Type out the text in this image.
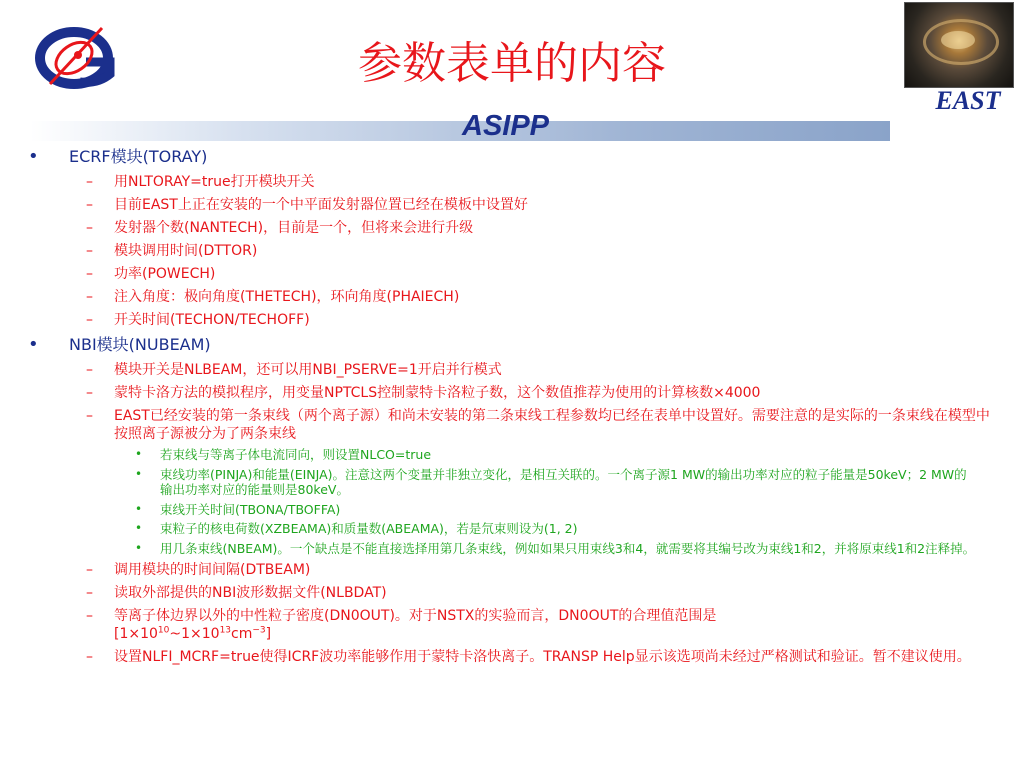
参数表单的内容
EAST
ASIPP
• ECRF模块(TORAY)
– 用NLTORAY=true打开模块开关
– 目前EAST上正在安装的一个中平面发射器位置已经在模板中设置好
– 发射器个数(NANTECH)，目前是一个，但将来会进行升级
– 模块调用时间(DTTOR)
– 功率(POWECH)
– 注入角度：极向角度(THETECH)，环向角度(PHAIECH)
– 开关时间(TECHON/TECHOFF)
• NBI模块(NUBEAM)
– 模块开关是NLBEAM，还可以用NBI_PSERVE=1开启并行模式
– 蒙特卡洛方法的模拟程序，用变量NPTCLS控制蒙特卡洛粒子数，这个数值推荐为使用的计算核数×4000
– EAST已经安装的第一条束线（两个离子源）和尚未安装的第二条束线工程参数均已经在表单中设置好。需要注意的是实际的一条束线在模型中按照离子源被分为了两条束线
• 若束线与等离子体电流同向，则设置NLCO=true
• 束线功率(PINJA)和能量(EINJA)。注意这两个变量并非独立变化，是相互关联的。一个离子源1 MW的输出功率对应的粒子能量是50keV；2 MW的输出功率对应的能量则是80keV。
• 束线开关时间(TBONA/TBOFFA)
• 束粒子的核电荷数(XZBEAMA)和质量数(ABEAMA)，若是氘束则设为(1, 2)
• 用几条束线(NBEAM)。一个缺点是不能直接选择用第几条束线，例如如果只用束线3和4，就需要将其编号改为束线1和2，并将原束线1和2注释掉。
– 调用模块的时间间隔(DTBEAM)
– 读取外部提供的NBI波形数据文件(NLBDAT)
– 等离子体边界以外的中性粒子密度(DN0OUT)。对于NSTX的实验而言，DN0OUT的合理值范围是
$[1\times 10^{10}\sim 1\times 10^{13}cm^{-3}]$
– 设置NLFI_MCRF=true使得ICRF波功率能够作用于蒙特卡洛快离子。TRANSP Help显示该选项尚未经过严格测试和验证。暂不建议使用。
